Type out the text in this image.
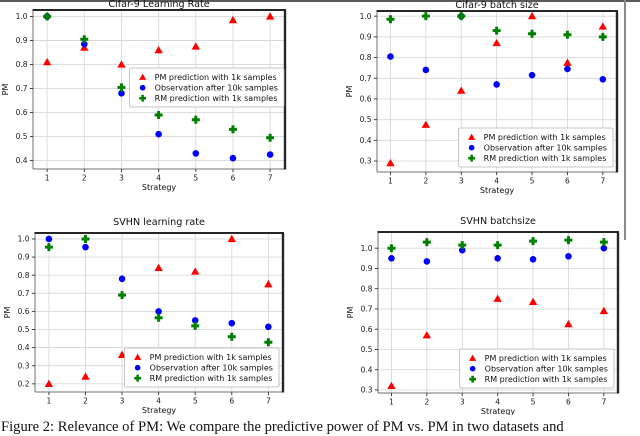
1	2	3	4	5	6	7
0.4
0.5
0.6
0.7
0.8
0.9
1.0
Cifar-9 Learning Rate
Strategy
PM
PM prediction with 1k samples
Observation after 10k samples
RM prediction with 1k samples
1	2	3	4	5	6	7
0.3
0.4
0.5
0.6
0.7
0.8
0.9
1.0
Cifar-9 batch size
Strategy
PM
PM prediction with 1k samples
Observation after 10k samples
RM prediction with 1k samples
1	2	3	4	5	6	7
0.2
0.3
0.4
0.5
0.6
0.7
0.8
0.9
1.0
SVHN learning rate
Strategy
PM
PM prediction with 1k samples
Observation after 10k samples
RM prediction with 1k samples
1	2	3	4	5	6	7
0.3
0.4
0.5
0.6
0.7
0.8
0.9
1.0
SVHN batchsize
Strategy
PM
PM prediction with 1k samples
Observation after 10k samples
RM prediction with 1k samples
Figure 2: Relevance of PM: We compare the predictive power of PM vs. PM in two datasets and
